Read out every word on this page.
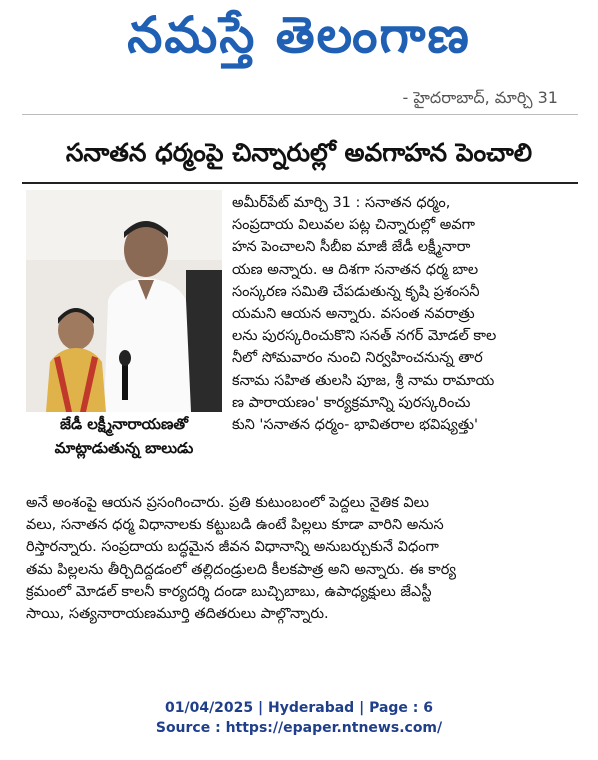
నమస్తే తెలంగాణ
- హైదరాబాద్, మార్చి 31
సనాతన ధర్మంపై చిన్నారుల్లో అవగాహన పెంచాలి
జేడీ లక్ష్మీనారాయణతో
మాట్లాడుతున్న బాలుడు
అమీర్‌పేట్ మార్చి 31 : సనాతన ధర్మం,
సంప్రదాయ విలువల పట్ల చిన్నారుల్లో అవగా
హన పెంచాలని సీబీఐ మాజీ జేడీ లక్ష్మీనారా
యణ అన్నారు. ఆ దిశగా సనాతన ధర్మ బాల
సంస్కరణ సమితి చేపడుతున్న కృషి ప్రశంసనీ
యమని ఆయన అన్నారు. వసంత నవరాత్రు
లను పురస్కరించుకొని సనత్ నగర్ మోడల్ కాల
నీలో సోమవారం నుంచి నిర్వహించనున్న తార
కనామ సహిత తులసి పూజ, శ్రీ నామ రామాయ
ణ పారాయణం' కార్యక్రమాన్ని పురస్కరించు
కుని 'సనాతన ధర్మం- భావితరాల భవిష్యత్తు'
అనే అంశంపై ఆయన ప్రసంగించారు. ప్రతి కుటుంబంలో పెద్దలు నైతిక విలు
వలు, సనాతన ధర్మ విధానాలకు కట్టుబడి ఉంటే పిల్లలు కూడా వారిని అనుస
రిస్తారన్నారు. సంప్రదాయ బద్ధమైన జీవన విధానాన్ని అనుబర్చుకునే విధంగా
తమ పిల్లలను తీర్చిదిద్దడంలో తల్లిదండ్రులది కీలకపాత్ర అని అన్నారు. ఈ కార్య
క్రమంలో మోడల్ కాలనీ కార్యదర్శి దండా బుచ్చిబాబు, ఉపాధ్యక్షులు జేఎస్టీ
సాయి, సత్యనారాయణమూర్తి తదితరులు పాల్గొన్నారు.
01/04/2025 | Hyderabad | Page : 6
Source : https://epaper.ntnews.com/
